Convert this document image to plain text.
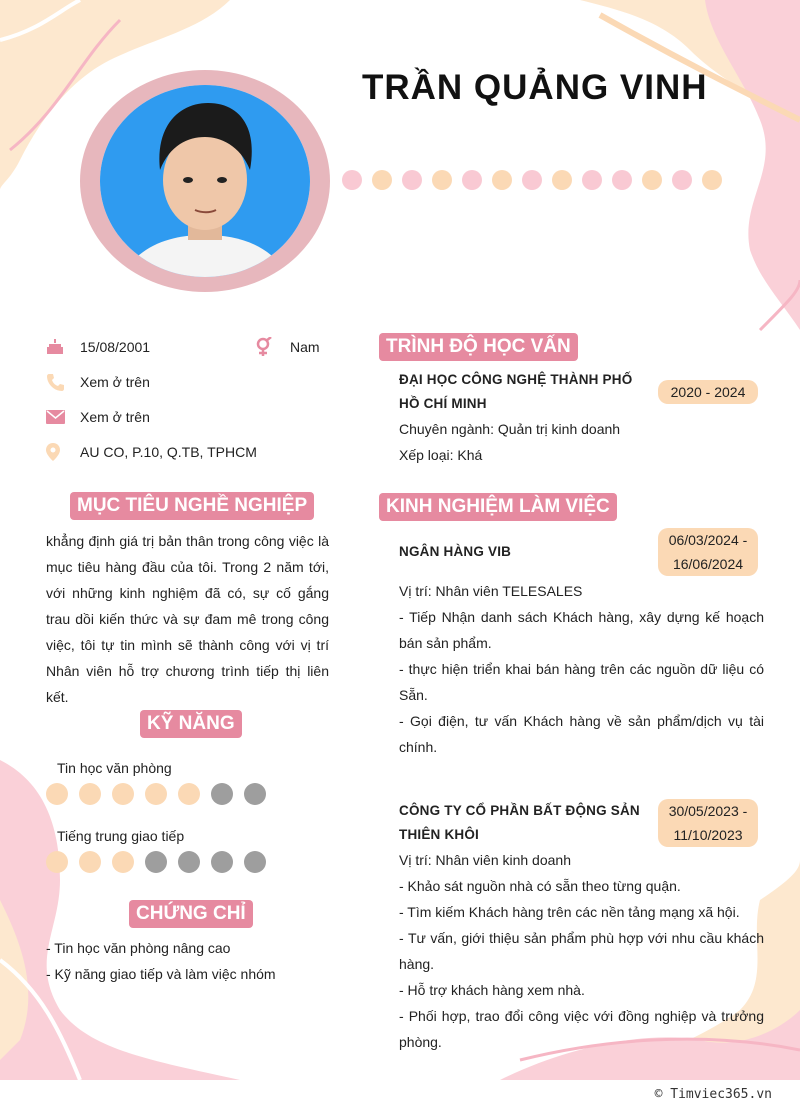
TRẦN QUẢNG VINH
15/08/2001	Nam
Xem ở trên
Xem ở trên
AU CO, P.10, Q.TB, TPHCM
MỤC TIÊU NGHỀ NGHIỆP
khẳng định giá trị bản thân trong công việc là mục tiêu hàng đầu của tôi. Trong 2 năm tới, với những kinh nghiệm đã có, sự cố gắng trau dồi kiến thức và sự đam mê trong công việc, tôi tự tin mình sẽ thành công với vị trí Nhân viên hỗ trợ chương trình tiếp thị liên kết.
KỸ NĂNG
Tin học văn phòng
Tiếng trung giao tiếp
CHỨNG CHỈ
- Tin học văn phòng nâng cao
- Kỹ năng giao tiếp và làm việc nhóm
TRÌNH ĐỘ HỌC VẤN
ĐẠI HỌC CÔNG NGHỆ THÀNH PHỐ
HỒ CHÍ MINH
2020 - 2024
Chuyên ngành: Quản trị kinh doanh
Xếp loại: Khá
KINH NGHIỆM LÀM VIỆC
NGÂN HÀNG VIB
06/03/2024 -
16/06/2024
Vị trí: Nhân viên TELESALES
- Tiếp Nhận danh sách Khách hàng, xây dựng kế hoạch bán sản phẩm.
- thực hiện triển khai bán hàng trên các nguồn dữ liệu có Sẵn.
- Gọi điện, tư vấn Khách hàng về sản phẩm/dịch vụ tài chính.
CÔNG TY CỔ PHẦN BẤT ĐỘNG SẢN
THIÊN KHÔI
30/05/2023 -
11/10/2023
Vị trí: Nhân viên kinh doanh
- Khảo sát nguồn nhà có sẵn theo từng quận.
- Tìm kiếm Khách hàng trên các nền tảng mạng xã hội.
- Tư vấn, giới thiệu sản phẩm phù hợp với nhu cầu khách hàng.
- Hỗ trợ khách hàng xem nhà.
- Phối hợp, trao đổi công việc với đồng nghiệp và trưởng phòng.
© Timviec365.vn
